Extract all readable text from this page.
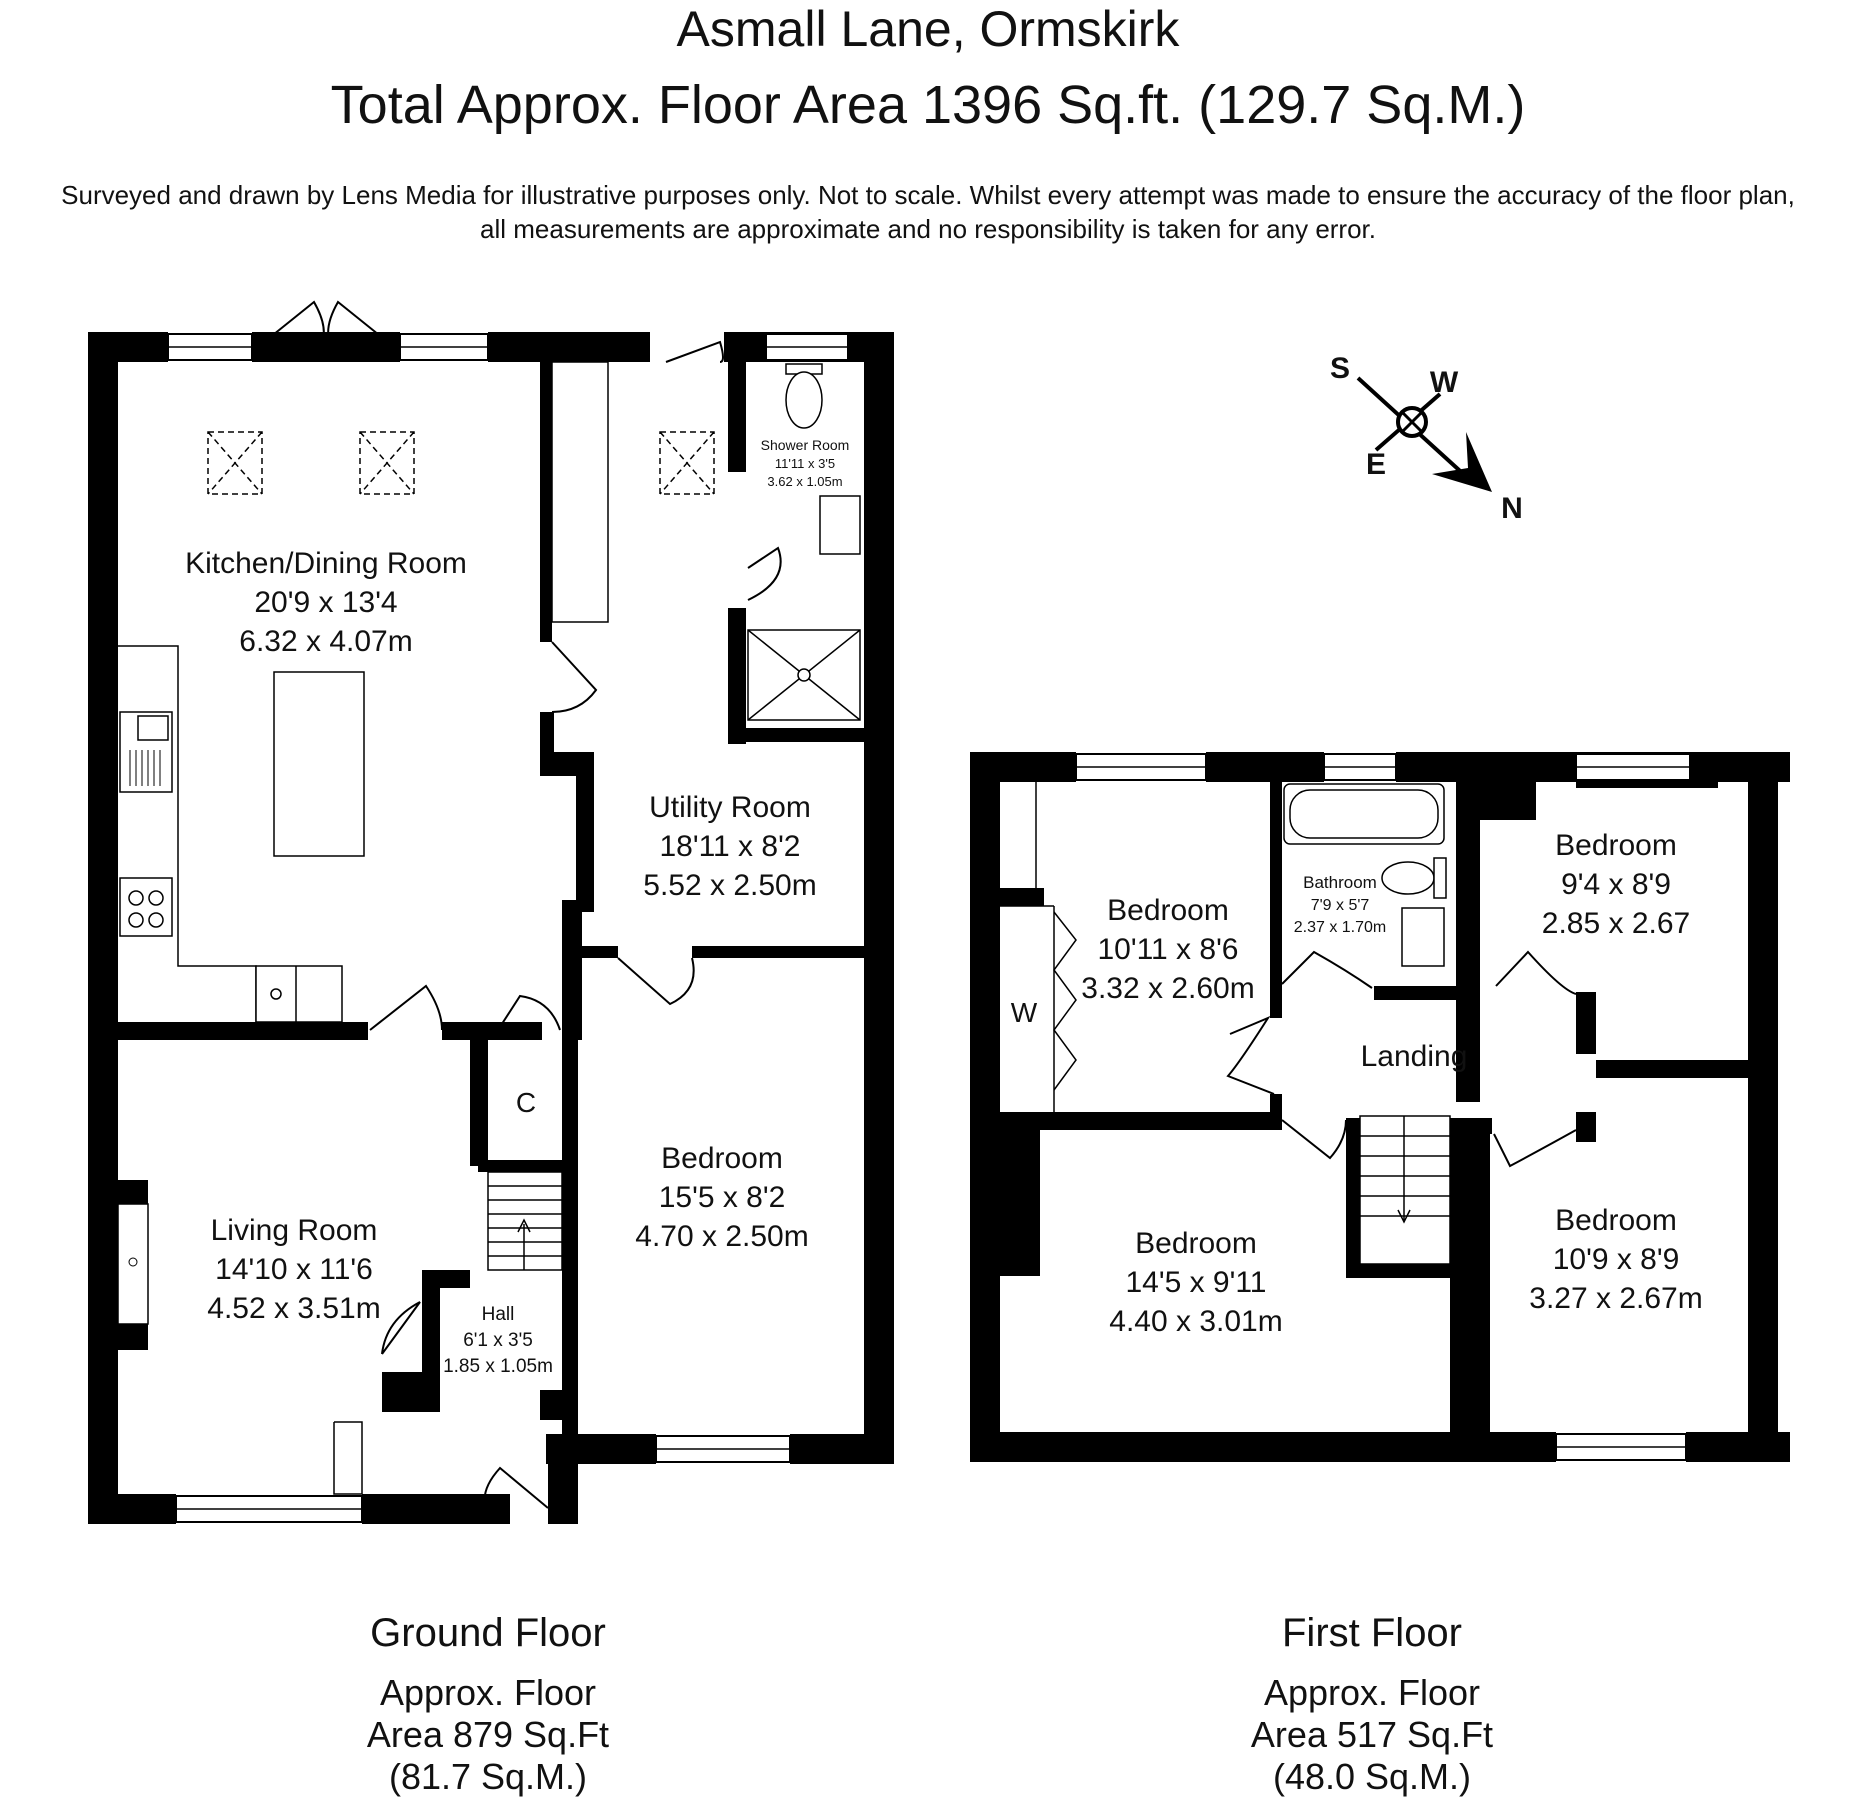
Asmall Lane, Ormskirk
Total Approx. Floor Area 1396 Sq.ft. (129.7 Sq.M.)
Surveyed and drawn by Lens Media for illustrative purposes only. Not to scale. Whilst every attempt was made to ensure the accuracy of the floor plan,
all measurements are approximate and no responsibility is taken for any error.
Kitchen/Dining Room
20'9 x 13'4
6.32 x 4.07m
Utility Room
18'11 x 8'2
5.52 x 2.50m
Shower Room
11'11 x 3'5
3.62 x 1.05m
Living Room
14'10 x 11'6
4.52 x 3.51m	Hall
6'1 x 3'5
1.85 x 1.05m
Bedroom
15'5 x 8'2
4.70 x 2.50m
C
Bedroom
10'11 x 8'6
3.32 x 2.60m
Bathroom
7'9 x 5'7
2.37 x 1.70m
Bedroom
9'4 x 8'9
2.85 x 2.67
Landing
Bedroom
14'5 x 9'11
4.40 x 3.01m
Bedroom
10'9 x 8'9
3.27 x 2.67m
W
S	W
E
N
Ground Floor
Approx. Floor
Area 879 Sq.Ft
(81.7 Sq.M.)
First Floor
Approx. Floor
Area 517 Sq.Ft
(48.0 Sq.M.)
